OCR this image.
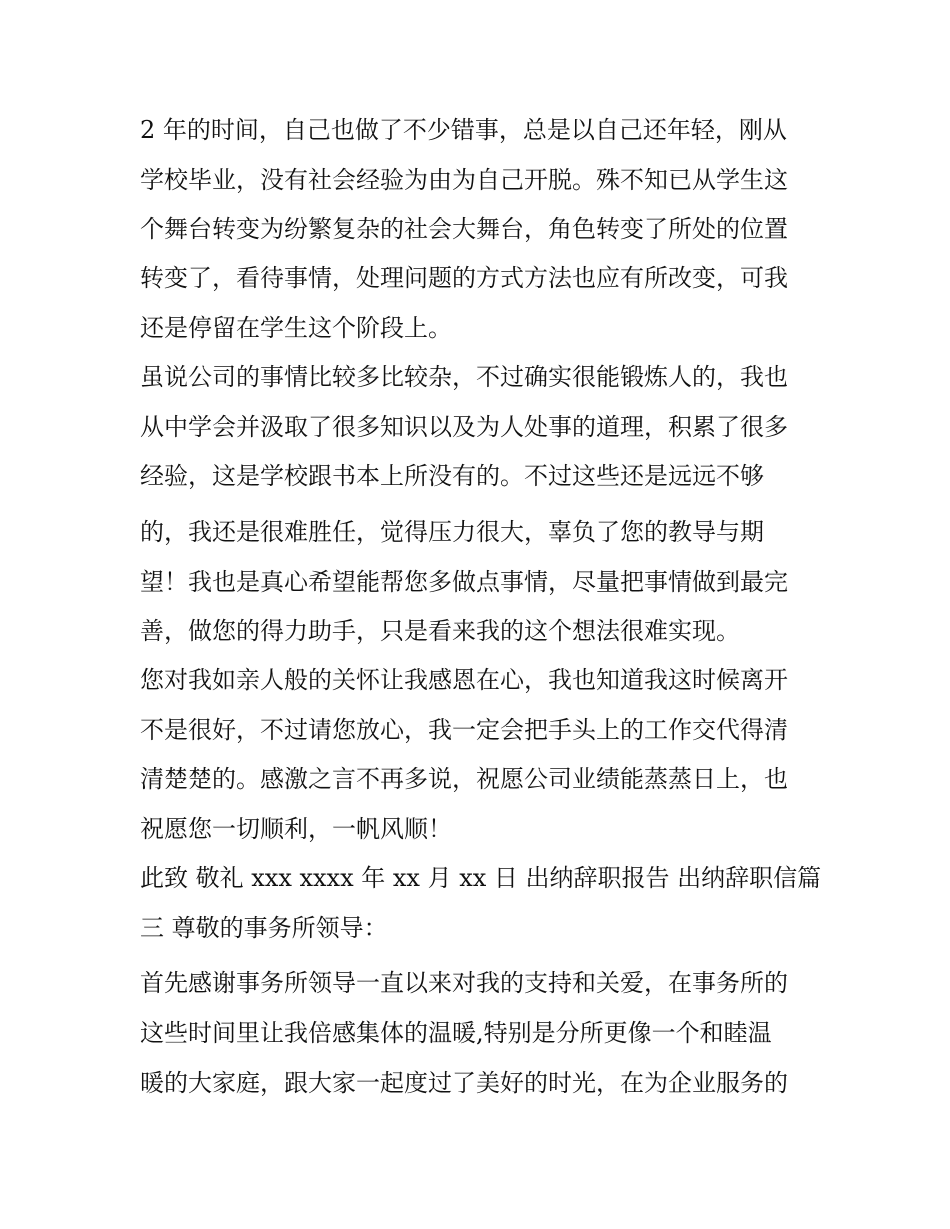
2 年的时间，自己也做了不少错事，总是以自己还年轻，刚从
学校毕业，没有社会经验为由为自己开脱。殊不知已从学生这
个舞台转变为纷繁复杂的社会大舞台，角色转变了所处的位置
转变了，看待事情，处理问题的方式方法也应有所改变，可我
还是停留在学生这个阶段上。
虽说公司的事情比较多比较杂，不过确实很能锻炼人的，我也
从中学会并汲取了很多知识以及为人处事的道理，积累了很多
经验，这是学校跟书本上所没有的。不过这些还是远远不够
的，我还是很难胜任，觉得压力很大，辜负了您的教导与期
望！我也是真心希望能帮您多做点事情，尽量把事情做到最完
善，做您的得力助手，只是看来我的这个想法很难实现。
您对我如亲人般的关怀让我感恩在心，我也知道我这时候离开
不是很好，不过请您放心，我一定会把手头上的工作交代得清
清楚楚的。感激之言不再多说，祝愿公司业绩能蒸蒸日上，也
祝愿您一切顺利，一帆风顺！
此致 敬礼 xxx xxxx 年 xx 月 xx 日 出纳辞职报告 出纳辞职信篇
三 尊敬的事务所领导：
首先感谢事务所领导一直以来对我的支持和关爱，在事务所的
这些时间里让我倍感集体的温暖,特别是分所更像一个和睦温
暖的大家庭，跟大家一起度过了美好的时光，在为企业服务的
